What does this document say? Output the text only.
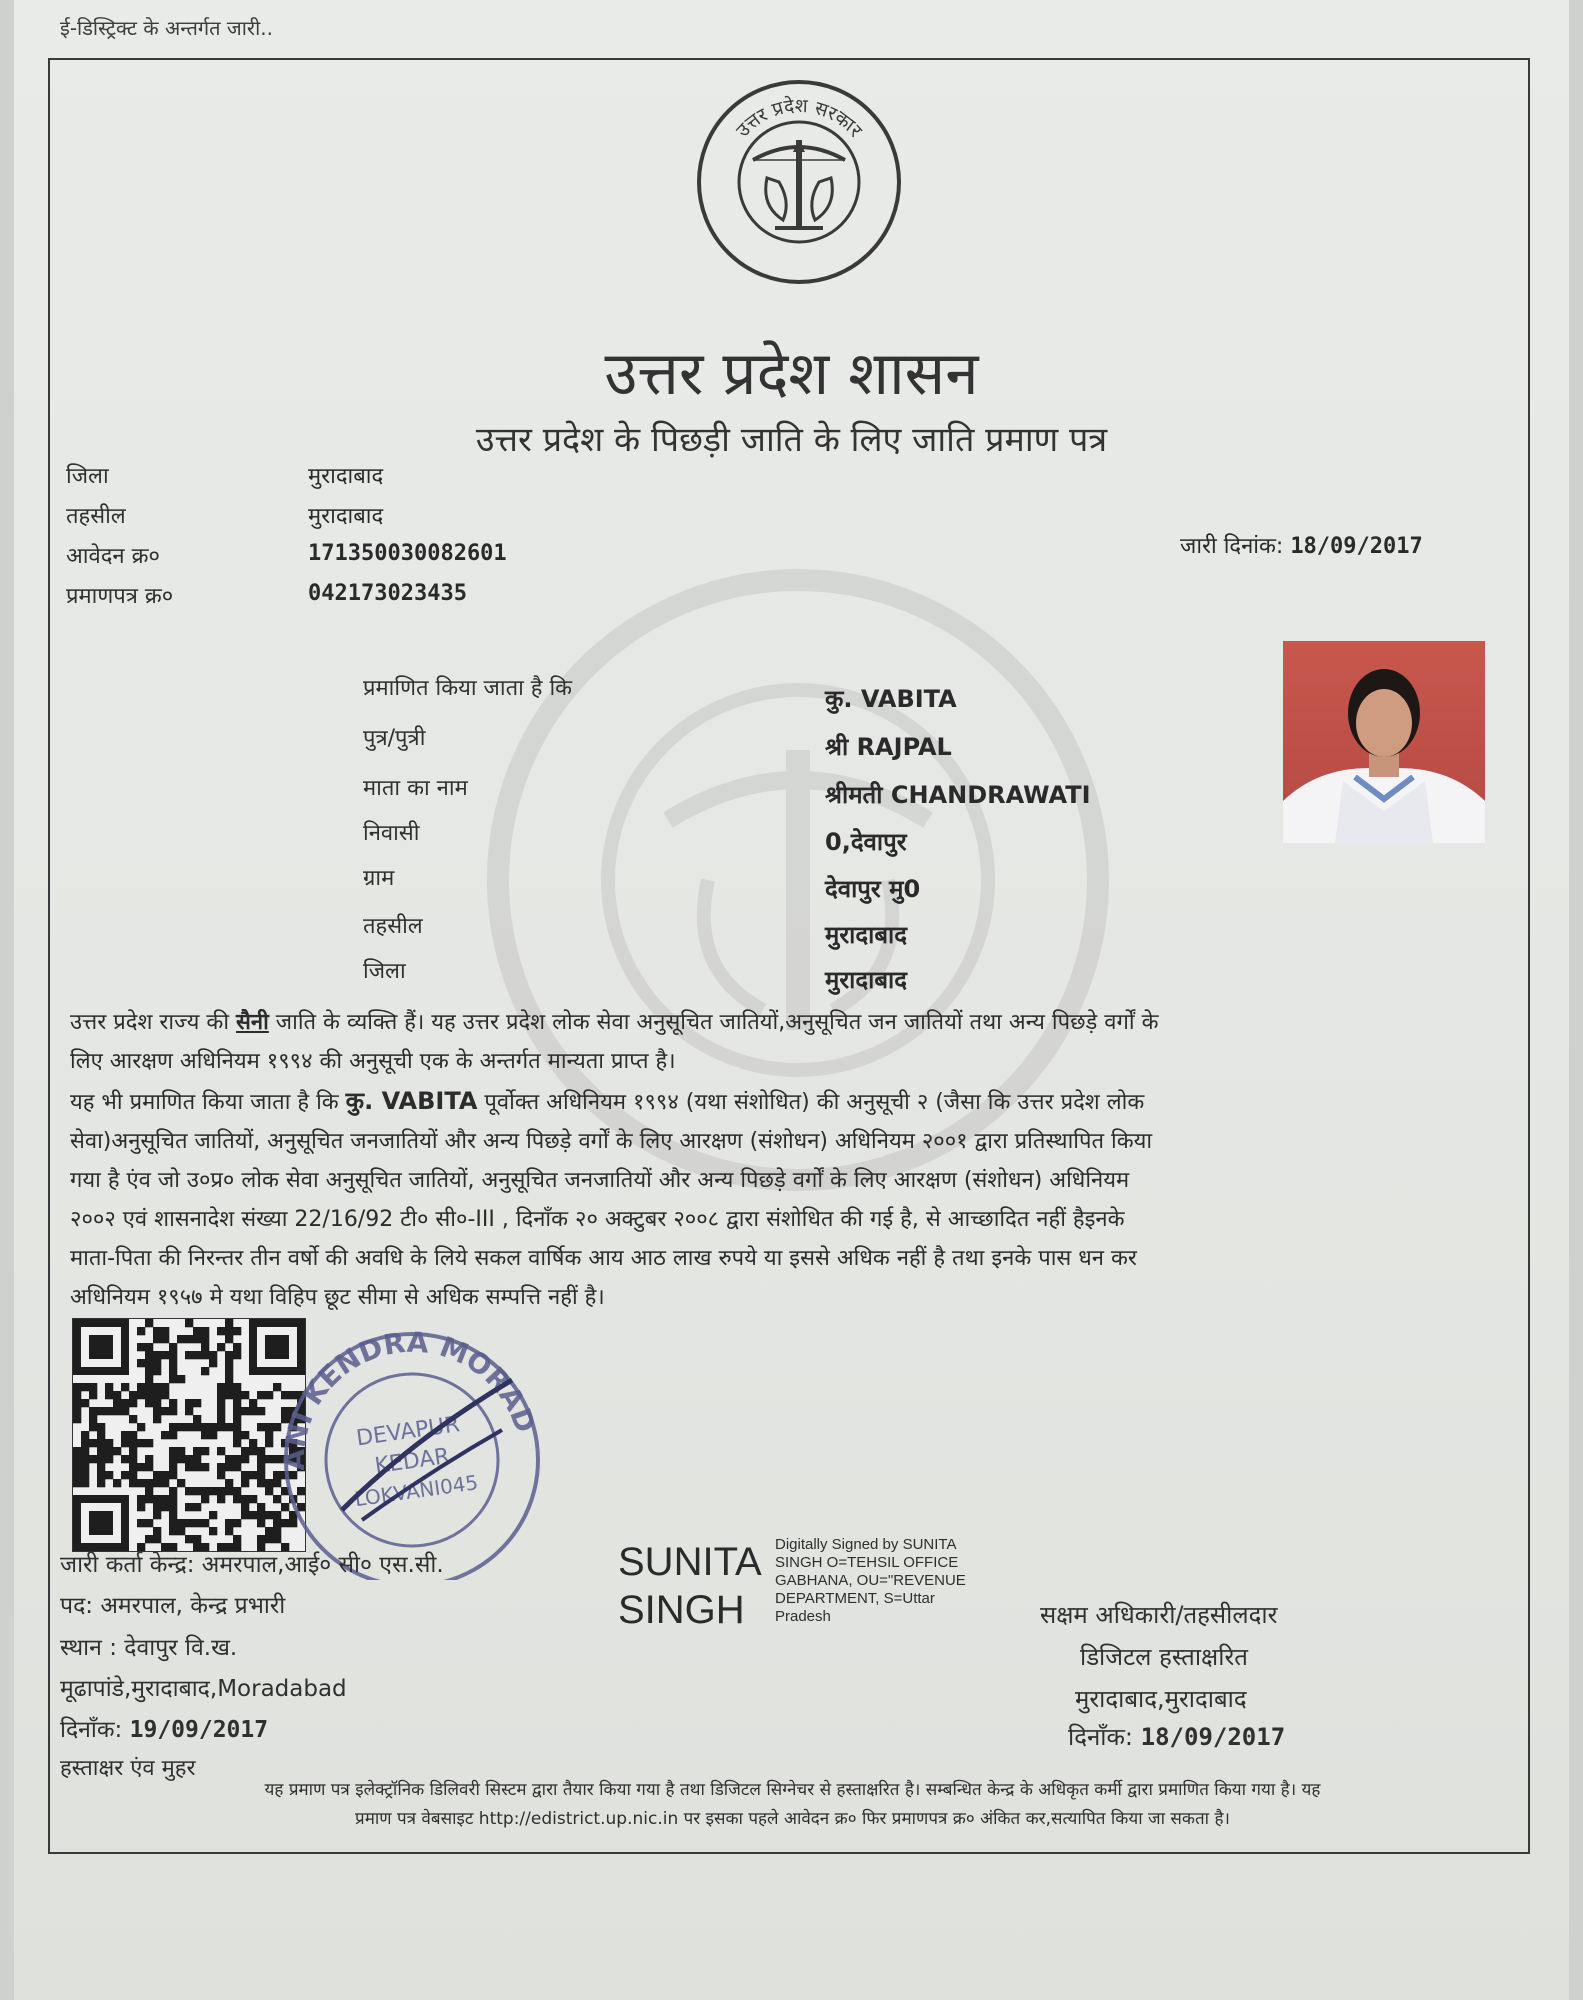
ई-डिस्ट्रिक्ट के अन्तर्गत जारी..
उत्तर प्रदेश सरकार
उत्तर प्रदेश शासन
उत्तर प्रदेश के पिछड़ी जाति के लिए जाति प्रमाण पत्र
जिला	मुरादाबाद
तहसील	मुरादाबाद
आवेदन क्र०	171350030082601
प्रमाणपत्र क्र०	042173023435
जारी दिनांक: 18/09/2017
प्रमाणित किया जाता है कि	कु. VABITA
पुत्र/पुत्री	श्री RAJPAL
माता का नाम	श्रीमती CHANDRAWATI
निवासी	0,देवापुर
ग्राम	देवापुर मु0
तहसील	मुरादाबाद
जिला	मुरादाबाद
उत्तर प्रदेश राज्य की सैनी जाति के व्यक्ति हैं। यह उत्तर प्रदेश लोक सेवा अनुसूचित जातियों,अनुसूचित जन जातियों तथा अन्य पिछड़े वर्गों के
लिए आरक्षण अधिनियम १९९४ की अनुसूची एक के अन्तर्गत मान्यता प्राप्त है।
यह भी प्रमाणित किया जाता है कि कु. VABITA पूर्वोक्त अधिनियम १९९४ (यथा संशोधित) की अनुसूची २ (जैसा कि उत्तर प्रदेश लोक
सेवा)अनुसूचित जातियों, अनुसूचित जनजातियों और अन्य पिछड़े वर्गों के लिए आरक्षण (संशोधन) अधिनियम २००१ द्वारा प्रतिस्थापित किया
गया है एंव जो उ०प्र० लोक सेवा अनुसूचित जातियों, अनुसूचित जनजातियों और अन्य पिछड़े वर्गों के लिए आरक्षण (संशोधन) अधिनियम
२००२ एवं शासनादेश संख्या 22/16/92 टी० सी०-III , दिनाँक २० अक्टुबर २००८ द्वारा संशोधित की गई है, से आच्छादित नहीं हैइनके
माता-पिता की निरन्तर तीन वर्षो की अवधि के लिये सकल वार्षिक आय आठ लाख रुपये या इससे अधिक नहीं है तथा इनके पास धन कर
अधिनियम १९५७ मे यथा विहिप छूट सीमा से अधिक सम्पत्ति नहीं है।
LOKVANI KENDRA MORADABAD
DEVAPUR
KEDAR
LOKVANI045
जारी कर्ता केन्द्र: अमरपाल,आई० सी० एस.सी.
पद: अमरपाल, केन्द्र प्रभारी
स्थान : देवापुर वि.ख.
मूढापांडे,मुरादाबाद,Moradabad
दिनाँक: 19/09/2017
हस्ताक्षर एंव मुहर
SUNITA
SINGH
Digitally Signed by SUNITA SINGH O=TEHSIL OFFICE GABHANA, OU="REVENUE DEPARTMENT, S=Uttar Pradesh	सक्षम अधिकारी/तहसीलदार
डिजिटल हस्ताक्षरित
मुरादाबाद,मुरादाबाद
दिनाँक: 18/09/2017
यह प्रमाण पत्र इलेक्ट्रॉनिक डिलिवरी सिस्टम द्वारा तैयार किया गया है तथा डिजिटल सिग्नेचर से हस्ताक्षरित है। सम्बन्धित केन्द्र के अधिकृत कर्मी द्वारा प्रमाणित किया गया है। यह
प्रमाण पत्र वेबसाइट http://edistrict.up.nic.in पर इसका पहले आवेदन क्र० फिर प्रमाणपत्र क्र० अंकित कर,सत्यापित किया जा सकता है।
